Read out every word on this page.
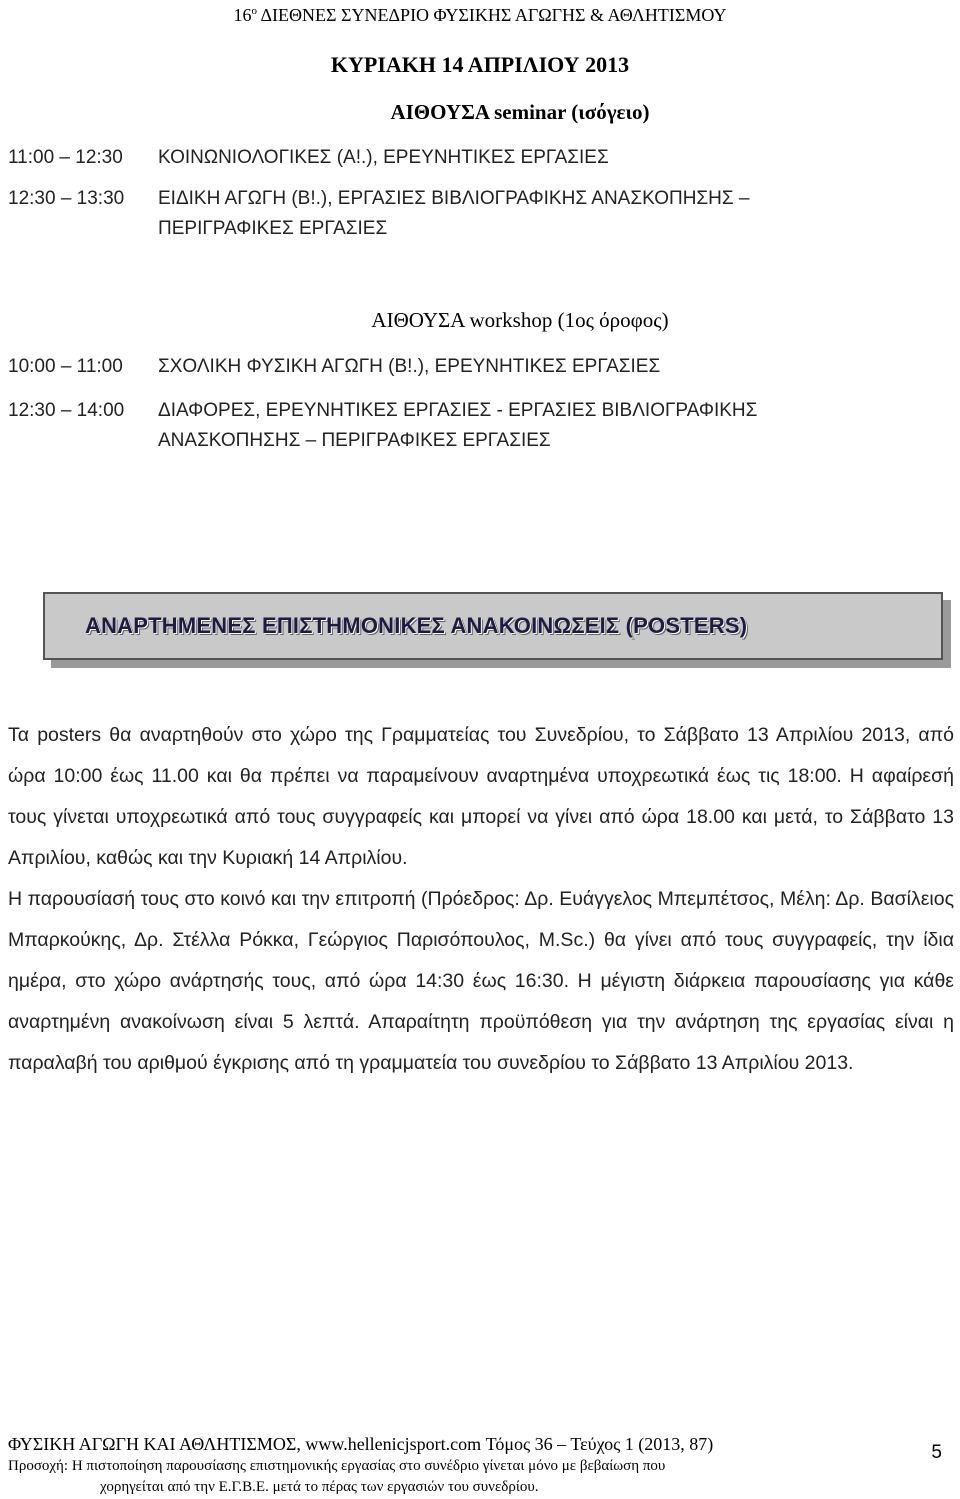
$16^o$ ΔΙΕΘΝΕΣ ΣΥΝΕΔΡΙΟ ΦΥΣΙΚΗΣ ΑΓΩΓΗΣ & ΑΘΛΗΤΙΣΜΟΥ
ΚΥΡΙΑΚΗ 14 ΑΠΡΙΛΙΟΥ 2013
ΑΙΘΟΥΣΑ seminar (ισόγειο)
11:00 – 12:30 ΚΟΙΝΩΝΙΟΛΟΓΙΚΕΣ (Α!.), ΕΡΕΥΝΗΤΙΚΕΣ ΕΡΓΑΣΙΕΣ
12:30 – 13:30 ΕΙΔΙΚΗ ΑΓΩΓΗ (Β!.), ΕΡΓΑΣΙΕΣ ΒΙΒΛΙΟΓΡΑΦΙΚΗΣ ΑΝΑΣΚΟΠΗΣΗΣ –
ΠΕΡΙΓΡΑΦΙΚΕΣ ΕΡΓΑΣΙΕΣ
ΑΙΘΟΥΣΑ workshop (1ος όροφος)
10:00 – 11:00 ΣΧΟΛΙΚΗ ΦΥΣΙΚΗ ΑΓΩΓΗ (Β!.), ΕΡΕΥΝΗΤΙΚΕΣ ΕΡΓΑΣΙΕΣ
12:30 – 14:00 ΔΙΑΦΟΡΕΣ, ΕΡΕΥΝΗΤΙΚΕΣ ΕΡΓΑΣΙΕΣ - ΕΡΓΑΣΙΕΣ ΒΙΒΛΙΟΓΡΑΦΙΚΗΣ
ΑΝΑΣΚΟΠΗΣΗΣ – ΠΕΡΙΓΡΑΦΙΚΕΣ ΕΡΓΑΣΙΕΣ
ΑΝΑΡΤΗΜΕΝΕΣ ΕΠΙΣΤΗΜΟΝΙΚΕΣ ΑΝΑΚΟΙΝΩΣΕΙΣ (POSTERS)

Τα posters θα αναρτηθούν στο χώρο της Γραμματείας του Συνεδρίου, το Σάββατο 13 Απριλίου 2013, από ώρα 10:00 έως 11.00 και θα πρέπει να παραμείνουν αναρτημένα υποχρεωτικά έως τις 18:00. Η αφαίρεσή τους γίνεται υποχρεωτικά από τους συγγραφείς και μπορεί να γίνει από ώρα 18.00 και μετά, το Σάββατο 13 Απριλίου, καθώς και την Κυριακή 14 Απριλίου.

Η παρουσίασή τους στο κοινό και την επιτροπή (Πρόεδρος: Δρ. Ευάγγελος Μπεμπέτσος, Μέλη: Δρ. Βασίλειος Μπαρκούκης, Δρ. Στέλλα Ρόκκα, Γεώργιος Παρισόπουλος, M.Sc.) θα γίνει από τους συγγραφείς, την ίδια ημέρα, στο χώρο ανάρτησής τους, από ώρα 14:30 έως 16:30. Η μέγιστη διάρκεια παρουσίασης για κάθε αναρτημένη ανακοίνωση είναι 5 λεπτά. Απαραίτητη προϋπόθεση για την ανάρτηση της εργασίας είναι η παραλαβή του αριθμού έγκρισης από τη γραμματεία του συνεδρίου το Σάββατο 13 Απριλίου 2013.

ΦΥΣΙΚΗ ΑΓΩΓΗ ΚΑΙ ΑΘΛΗΤΙΣΜΟΣ, www.hellenicjsport.com Τόμος 36 – Τεύχος 1 (2013, 87)
Προσοχή: Η πιστοποίηση παρουσίασης επιστημονικής εργασίας στο συνέδριο γίνεται μόνο με βεβαίωση που
χορηγείται από την Ε.Γ.Β.Ε. μετά το πέρας των εργασιών του συνεδρίου.
5
